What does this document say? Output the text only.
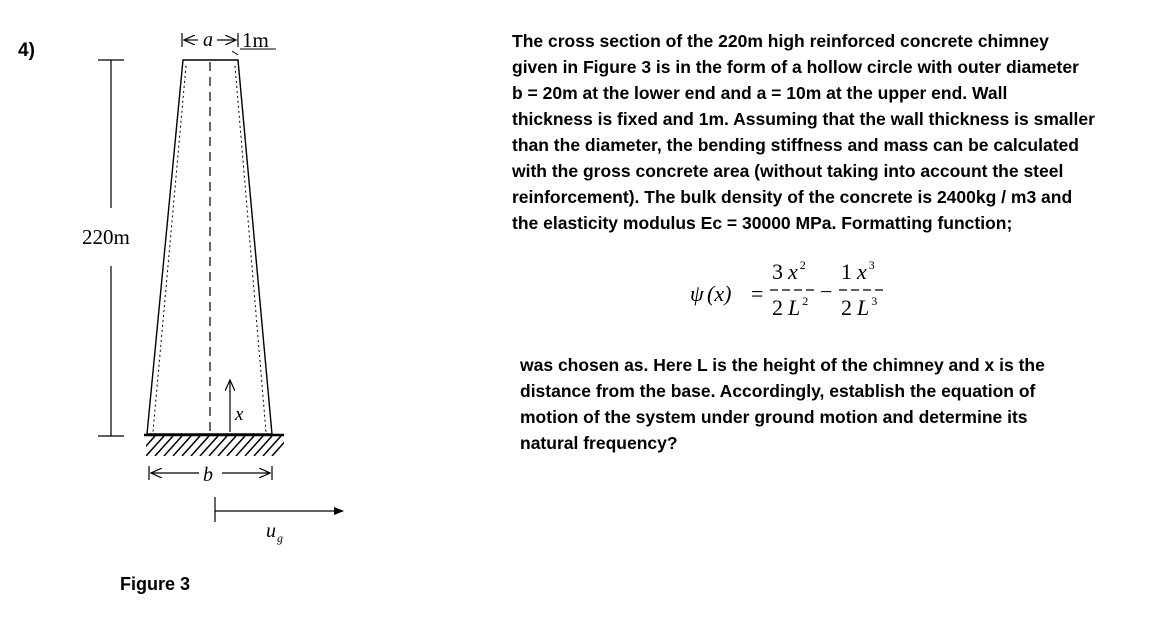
4)	a 1m
220m
x
b
$u_g$
Figure 3
The cross section of the 220m high reinforced concrete chimney
given in Figure 3 is in the form of a hollow circle with outer diameter
b = 20m at the lower end and a = 10m at the upper end. Wall
thickness is fixed and 1m. Assuming that the wall thickness is smaller
than the diameter, the bending stiffness and mass can be calculated
with the gross concrete area (without taking into account the steel
reinforcement). The bulk density of the concrete is 2400kg / m3 and
the elasticity modulus Ec = 30000 MPa. Formatting function;
ψ (x) =
3 x $^2$
2 L $^2$ −
1 x $^3$
2 L $^3$
was chosen as. Here L is the height of the chimney and x is the
distance from the base. Accordingly, establish the equation of
motion of the system under ground motion and determine its
natural frequency?
